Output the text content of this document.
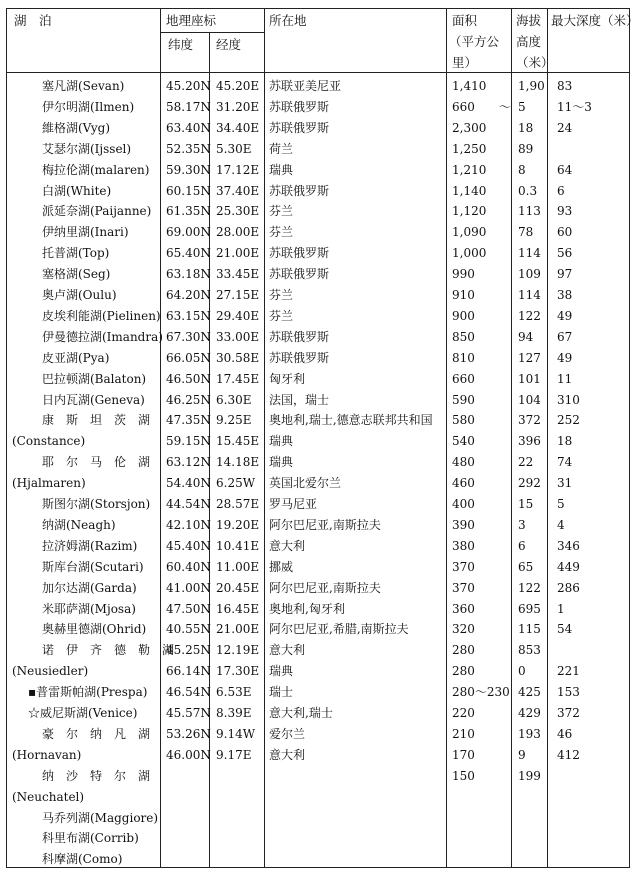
湖　泊	地理座标
纬度 经度
所在地	面积
（平方公
里）
海拔
高度
（米）
最大深度（米）
塞凡湖(Sevan)
伊尔明湖(Ilmen)
維格湖(Vyg)
艾瑟尔湖(Ijssel)
梅拉伦湖(malaren)
白湖(White)
派延奈湖(Paijanne)
伊纳里湖(Inari)
托普湖(Top)
塞格湖(Seg)
奥卢湖(Oulu)
皮埃利能湖(Pielinen)
伊曼德拉湖(Imandra)
皮亚湖(Pya)
巴拉顿湖(Balaton)
日内瓦湖(Geneva)
康　斯　坦　茨　湖
(Constance)
耶　尔　马　伦　湖
(Hjalmaren)
斯图尔湖(Storsjon)
纳湖(Neagh)
拉济姆湖(Razim)
斯库台湖(Scutari)
加尔达湖(Garda)
米耶萨湖(Mjosa)
奥赫里德湖(Ohrid)
诺　伊　齐　德　勒　湖
(Neusiedler)
▪普雷斯帕湖(Prespa)
☆威尼斯湖(Venice)
豪　尔　纳　凡　湖
(Hornavan)
纳　沙　特　尔　湖
(Neuchatel)
马乔列湖(Maggiore)
科里布湖(Corrib)
科摩湖(Como)
45.20N
58.17N
63.40N
52.35N
59.30N
60.15N
61.35N
69.00N
65.40N
63.18N
64.20N
63.15N
67.30N
66.05N
46.50N
46.25N
47.35N
59.15N
63.12N
54.40N
44.54N
42.10N
45.40N
60.40N
41.00N
47.50N
40.55N
45.25N
66.14N
46.54N
45.57N
53.26N
46.00N
45.20E
31.20E
34.40E
5.30E
17.12E
37.40E
25.30E
28.00E
21.00E
33.45E
27.15E
29.40E
33.00E
30.58E
17.45E
6.30E
9.25E
15.45E
14.18E
6.25W
28.57E
19.20E
10.41E
11.00E
20.45E
16.45E
21.00E
12.19E
17.30E
6.53E
8.39E
9.14W
9.17E
苏联亚美尼亚
苏联俄罗斯
苏联俄罗斯
荷兰
瑞典
苏联俄罗斯
芬兰
芬兰
苏联俄罗斯
苏联俄罗斯
芬兰
芬兰
苏联俄罗斯
苏联俄罗斯
匈牙利
法国，瑞士
奥地利,瑞士,德意志联邦共和国
瑞典
瑞典
英国北爱尔兰
罗马尼亚
阿尔巴尼亚,南斯拉夫
意大利
挪威
阿尔巴尼亚,南斯拉夫
奥地利,匈牙利
阿尔巴尼亚,希腊,南斯拉夫
意大利
瑞典
瑞士
意大利,瑞士
爱尔兰
意大利
1,410
660　　～
2,300
1,250
1,210
1,140
1,120
1,090
1,000
990
910
900
850
810
660
590
580
540
480
460
400
390
380
370
370
360
320
280
280
280～230
220
210
170
150
1,90
5
18
89
8
0.3
113
78
114
109
114
122
94
127
101
104
372
396
22
292
15
3
6
65
122
695
115
853
0
425
429
193
9
199
83
11～3
24
64
6
93
60
56
97
38
49
67
49
11
310
252
18
74
31
5
4
346
449
286
1
54
221
153
372
46
412
